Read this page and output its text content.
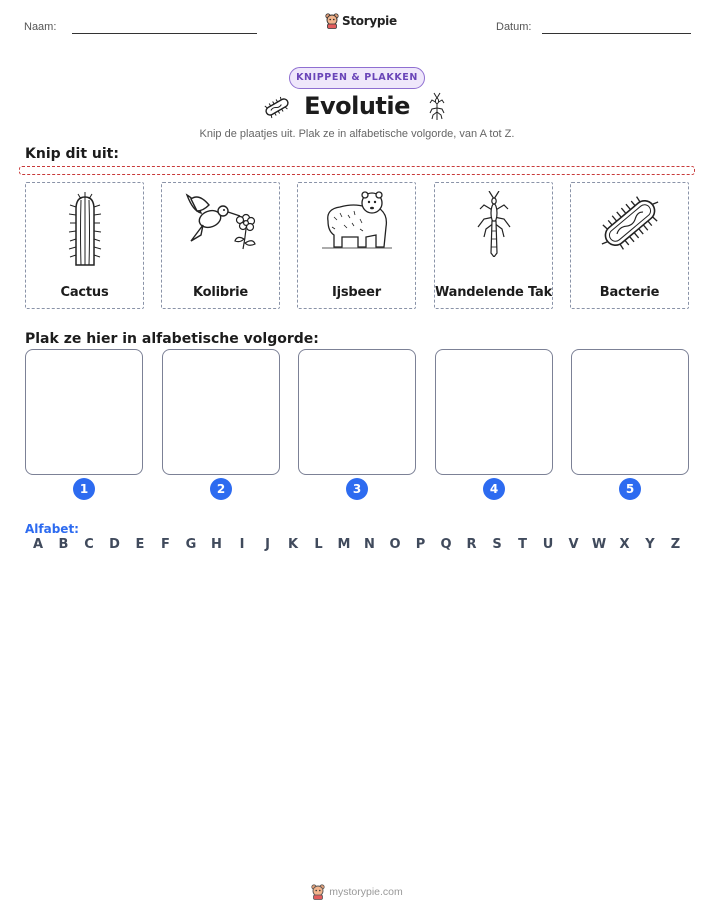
Naam:	Storypie	Datum:
KNIPPEN & PLAKKEN
Evolutie
Knip de plaatjes uit. Plak ze in alfabetische volgorde, van A tot Z.
Knip dit uit:
Cactus	Kolibrie	Ijsbeer	Wandelende Tak	Bacterie
Plak ze hier in alfabetische volgorde:
1	2	3	4	5
Alfabet:
A	B	C	D	E	F	G	H	I	J	K	L	M	N	O	P	Q	R	S	T	U	V	W	X	Y	Z
mystorypie.com
